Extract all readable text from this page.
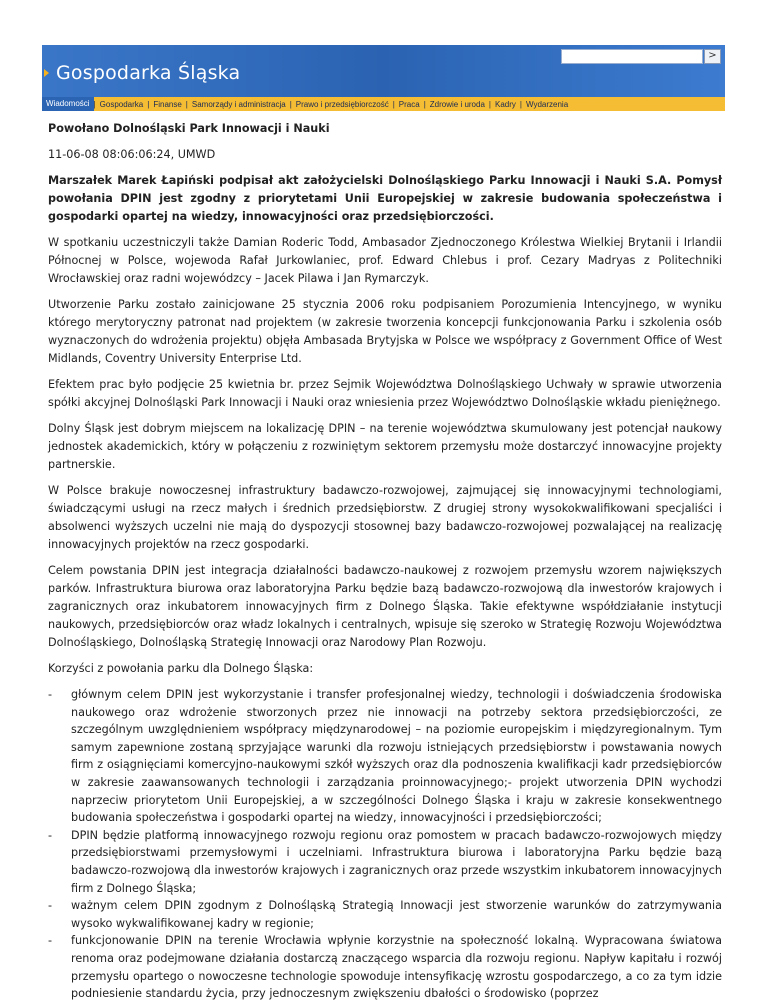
Gospodarka Śląska
>
Wiadomości | Gospodarka | Finanse | Samorządy i administracja | Prawo i przedsiębiorczość | Praca | Zdrowie i uroda | Kadry | Wydarzenia

Powołano Dolnośląski Park Innowacji i Nauki

11-06-08 08:06:06:24, UMWD

Marszałek Marek Łapiński podpisał akt założycielski Dolnośląskiego Parku Innowacji i Nauki S.A. Pomysł powołania DPIN jest zgodny z priorytetami Unii Europejskiej w zakresie budowania społeczeństwa i gospodarki opartej na wiedzy, innowacyjności oraz przedsiębiorczości.

W spotkaniu uczestniczyli także Damian Roderic Todd, Ambasador Zjednoczonego Królestwa Wielkiej Brytanii i Irlandii Północnej w Polsce, wojewoda Rafał Jurkowlaniec, prof. Edward Chlebus i prof. Cezary Madryas z Politechniki Wrocławskiej oraz radni wojewódzcy – Jacek Pilawa i Jan Rymarczyk.

Utworzenie Parku zostało zainicjowane 25 stycznia 2006 roku podpisaniem Porozumienia Intencyjnego, w wyniku którego merytoryczny patronat nad projektem (w zakresie tworzenia koncepcji funkcjonowania Parku i szkolenia osób wyznaczonych do wdrożenia projektu) objęła Ambasada Brytyjska w Polsce we współpracy z Government Office of West Midlands, Coventry University Enterprise Ltd.

Efektem prac było podjęcie 25 kwietnia br. przez Sejmik Województwa Dolnośląskiego Uchwały w sprawie utworzenia spółki akcyjnej Dolnośląski Park Innowacji i Nauki oraz wniesienia przez Województwo Dolnośląskie wkładu pieniężnego.

Dolny Śląsk jest dobrym miejscem na lokalizację DPIN – na terenie województwa skumulowany jest potencjał naukowy jednostek akademickich, który w połączeniu z rozwiniętym sektorem przemysłu może dostarczyć innowacyjne projekty partnerskie.

W Polsce brakuje nowoczesnej infrastruktury badawczo-rozwojowej, zajmującej się innowacyjnymi technologiami, świadczącymi usługi na rzecz małych i średnich przedsiębiorstw. Z drugiej strony wysokokwalifikowani specjaliści i absolwenci wyższych uczelni nie mają do dyspozycji stosownej bazy badawczo-rozwojowej pozwalającej na realizację innowacyjnych projektów na rzecz gospodarki.

Celem powstania DPIN jest integracja działalności badawczo-naukowej z rozwojem przemysłu wzorem największych parków. Infrastruktura biurowa oraz laboratoryjna Parku będzie bazą badawczo-rozwojową dla inwestorów krajowych i zagranicznych oraz inkubatorem innowacyjnych firm z Dolnego Śląska. Takie efektywne współdziałanie instytucji naukowych, przedsiębiorców oraz władz lokalnych i centralnych, wpisuje się szeroko w Strategię Rozwoju Województwa Dolnośląskiego, Dolnośląską Strategię Innowacji oraz Narodowy Plan Rozwoju.

Korzyści z powołania parku dla Dolnego Śląska:

- głównym celem DPIN jest wykorzystanie i transfer profesjonalnej wiedzy, technologii i doświadczenia środowiska naukowego oraz wdrożenie stworzonych przez nie innowacji na potrzeby sektora przedsiębiorczości, ze szczególnym uwzględnieniem współpracy międzynarodowej – na poziomie europejskim i międzyregionalnym. Tym samym zapewnione zostaną sprzyjające warunki dla rozwoju istniejących przedsiębiorstw i powstawania nowych firm z osiągnięciami komercyjno-naukowymi szkół wyższych oraz dla podnoszenia kwalifikacji kadr przedsiębiorców w zakresie zaawansowanych technologii i zarządzania proinnowacyjnego;- projekt utworzenia DPIN wychodzi naprzeciw priorytetom Unii Europejskiej, a w szczególności Dolnego Śląska i kraju w zakresie konsekwentnego budowania społeczeństwa i gospodarki opartej na wiedzy, innowacyjności i przedsiębiorczości;
- DPIN będzie platformą innowacyjnego rozwoju regionu oraz pomostem w pracach badawczo-rozwojowych między przedsiębiorstwami przemysłowymi i uczelniami. Infrastruktura biurowa i laboratoryjna Parku będzie bazą badawczo-rozwojową dla inwestorów krajowych i zagranicznych oraz przede wszystkim inkubatorem innowacyjnych firm z Dolnego Śląska;
- ważnym celem DPIN zgodnym z Dolnośląską Strategią Innowacji jest stworzenie warunków do zatrzymywania wysoko wykwalifikowanej kadry w regionie;
- funkcjonowanie DPIN na terenie Wrocławia wpłynie korzystnie na społeczność lokalną. Wypracowana światowa renoma oraz podejmowane działania dostarczą znaczącego wsparcia dla rozwoju regionu. Napływ kapitału i rozwój przemysłu opartego o nowoczesne technologie spowoduje intensyfikację wzrostu gospodarczego, a co za tym idzie podniesienie standardu życia, przy jednoczesnym zwiększeniu dbałości o środowisko (poprzez
